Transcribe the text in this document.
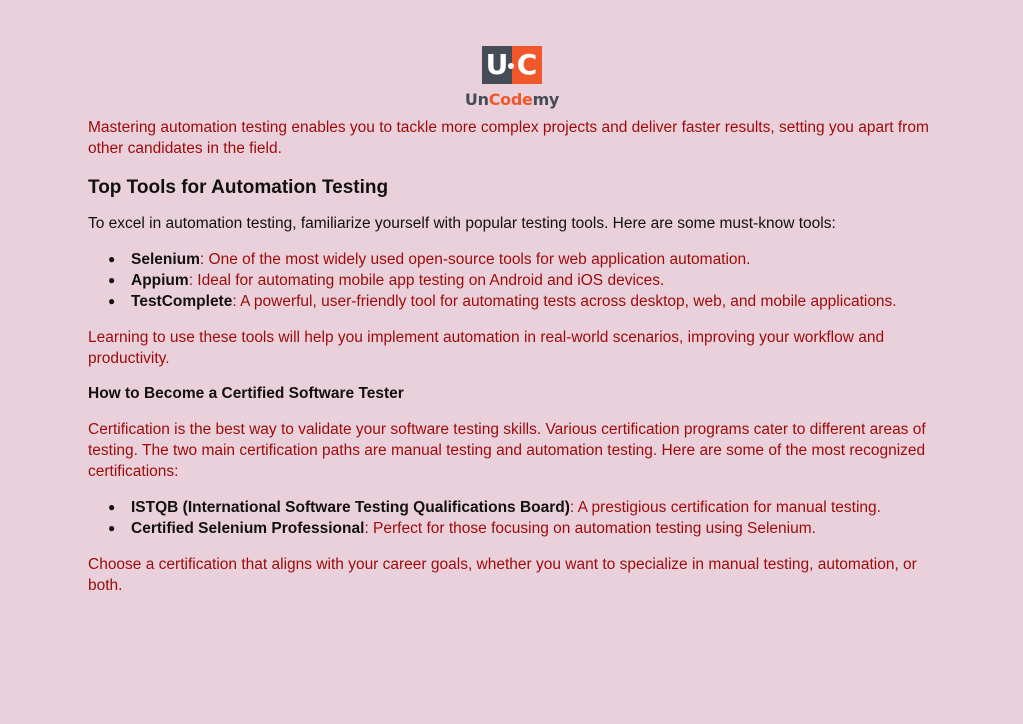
U C
UnCodemy

Mastering automation testing enables you to tackle more complex projects and deliver faster results, setting you apart from other candidates in the field.

Top Tools for Automation Testing

To excel in automation testing, familiarize yourself with popular testing tools. Here are some must-know tools:

● Selenium: One of the most widely used open-source tools for web application automation.
● Appium: Ideal for automating mobile app testing on Android and iOS devices.
● TestComplete: A powerful, user-friendly tool for automating tests across desktop, web, and mobile applications.

Learning to use these tools will help you implement automation in real-world scenarios, improving your workflow and productivity.

How to Become a Certified Software Tester

Certification is the best way to validate your software testing skills. Various certification programs cater to different areas of testing. The two main certification paths are manual testing and automation testing. Here are some of the most recognized certifications:

● ISTQB (International Software Testing Qualifications Board): A prestigious certification for manual testing.
● Certified Selenium Professional: Perfect for those focusing on automation testing using Selenium.

Choose a certification that aligns with your career goals, whether you want to specialize in manual testing, automation, or both.
